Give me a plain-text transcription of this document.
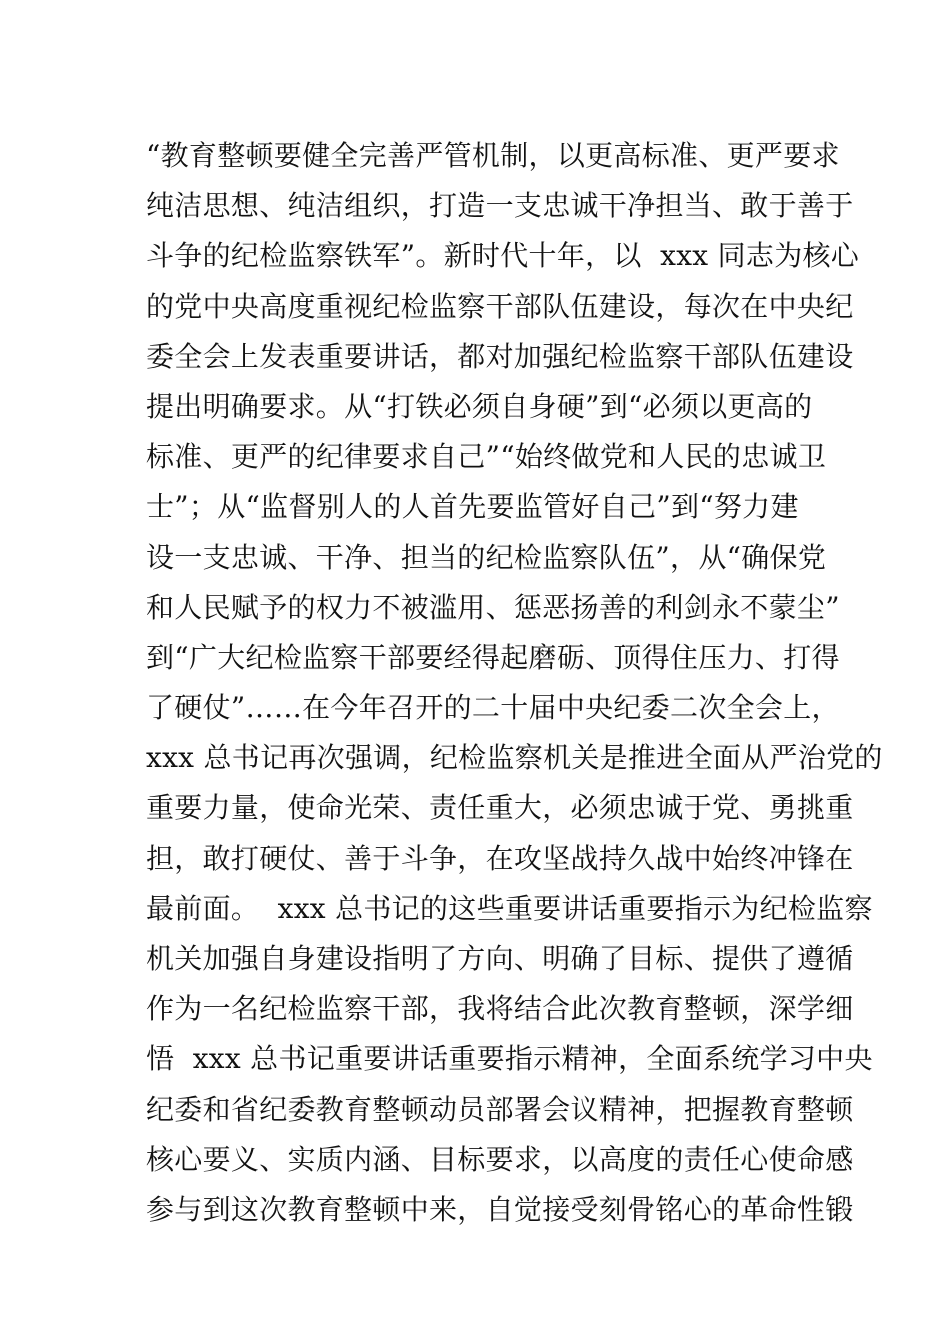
“教育整顿要健全完善严管机制，以更高标准、更严要求
纯洁思想、纯洁组织，打造一支忠诚干净担当、敢于善于
斗争的纪检监察铁军”。新时代十年，以  xxx 同志为核心
的党中央高度重视纪检监察干部队伍建设，每次在中央纪
委全会上发表重要讲话，都对加强纪检监察干部队伍建设
提出明确要求。从“打铁必须自身硬”到“必须以更高的
标准、更严的纪律要求自己”“始终做党和人民的忠诚卫
士”；从“监督别人的人首先要监管好自己”到“努力建
设一支忠诚、干净、担当的纪检监察队伍”，从“确保党
和人民赋予的权力不被滥用、惩恶扬善的利剑永不蒙尘”
到“广大纪检监察干部要经得起磨砺、顶得住压力、打得
了硬仗”……在今年召开的二十届中央纪委二次全会上，
xxx 总书记再次强调，纪检监察机关是推进全面从严治党的
重要力量，使命光荣、责任重大，必须忠诚于党、勇挑重
担，敢打硬仗、善于斗争，在攻坚战持久战中始终冲锋在
最前面。  xxx 总书记的这些重要讲话重要指示为纪检监察
机关加强自身建设指明了方向、明确了目标、提供了遵循
作为一名纪检监察干部，我将结合此次教育整顿，深学细
悟  xxx 总书记重要讲话重要指示精神，全面系统学习中央
纪委和省纪委教育整顿动员部署会议精神，把握教育整顿
核心要义、实质内涵、目标要求，以高度的责任心使命感
参与到这次教育整顿中来，自觉接受刻骨铭心的革命性锻
